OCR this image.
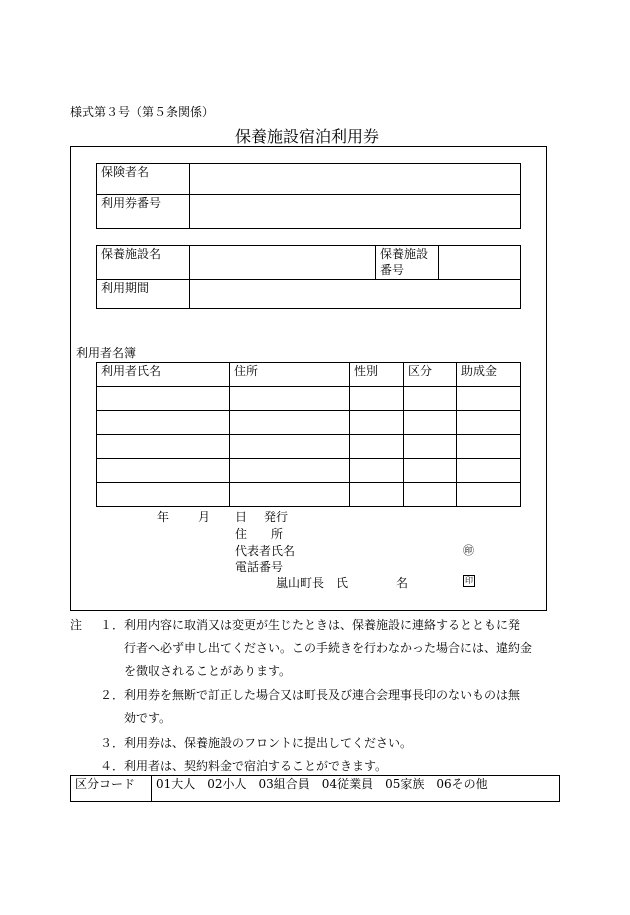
様式第３号（第５条関係）
保養施設宿泊利用券
保険者名	
利用券番号	
保養施設名		保養施設
番号	
利用期間			
利用者名簿
利用者氏名	住所	性別	区分	助成金

年 月 日 発行
住　　所
代表者氏名	㊞
電話番号
嵐山町長　氏	名	印
注 １． 利用内容に取消又は変更が生じたときは、保養施設に連絡するとともに発
行者へ必ず申し出てください。この手続きを行わなかった場合には、違約金
を徴収されることがあります。
２． 利用券を無断で訂正した場合又は町長及び連合会理事長印のないものは無
効です。
３． 利用券は、保養施設のフロントに提出してください。
４． 利用者は、契約料金で宿泊することができます。
区分コード	01大人　02小人　03組合員　04従業員　05家族　06その他
